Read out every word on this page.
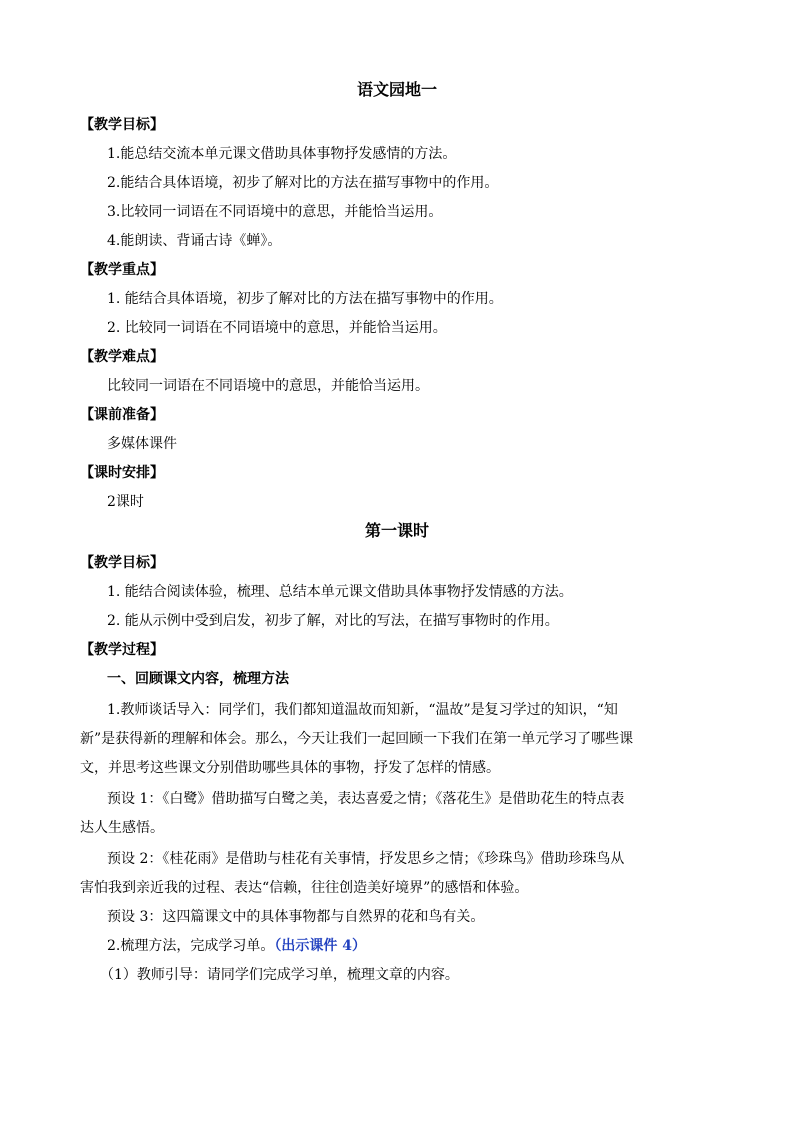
语文园地一
【教学目标】
1.能总结交流本单元课文借助具体事物抒发感情的方法。
2.能结合具体语境，初步了解对比的方法在描写事物中的作用。
3.比较同一词语在不同语境中的意思，并能恰当运用。
4.能朗读、背诵古诗《蝉》。
【教学重点】
1. 能结合具体语境，初步了解对比的方法在描写事物中的作用。
2. 比较同一词语在不同语境中的意思，并能恰当运用。
【教学难点】
比较同一词语在不同语境中的意思，并能恰当运用。
【课前准备】
多媒体课件
【课时安排】
2课时
第一课时
【教学目标】
1. 能结合阅读体验，梳理、总结本单元课文借助具体事物抒发情感的方法。
2. 能从示例中受到启发，初步了解，对比的写法，在描写事物时的作用。
【教学过程】
一、回顾课文内容，梳理方法
1.教师谈话导入：同学们，我们都知道温故而知新，“温故”是复习学过的知识，“知
新”是获得新的理解和体会。那么，今天让我们一起回顾一下我们在第一单元学习了哪些课
文，并思考这些课文分别借助哪些具体的事物，抒发了怎样的情感。
预设 1：《白鹭》借助描写白鹭之美，表达喜爱之情；《落花生》是借助花生的特点表
达人生感悟。
预设 2：《桂花雨》是借助与桂花有关事情，抒发思乡之情；《珍珠鸟》借助珍珠鸟从
害怕我到亲近我的过程、表达“信赖，往往创造美好境界”的感悟和体验。
预设 3：这四篇课文中的具体事物都与自然界的花和鸟有关。
2.梳理方法，完成学习单。（出示课件 4）
（1）教师引导：请同学们完成学习单，梳理文章的内容。
